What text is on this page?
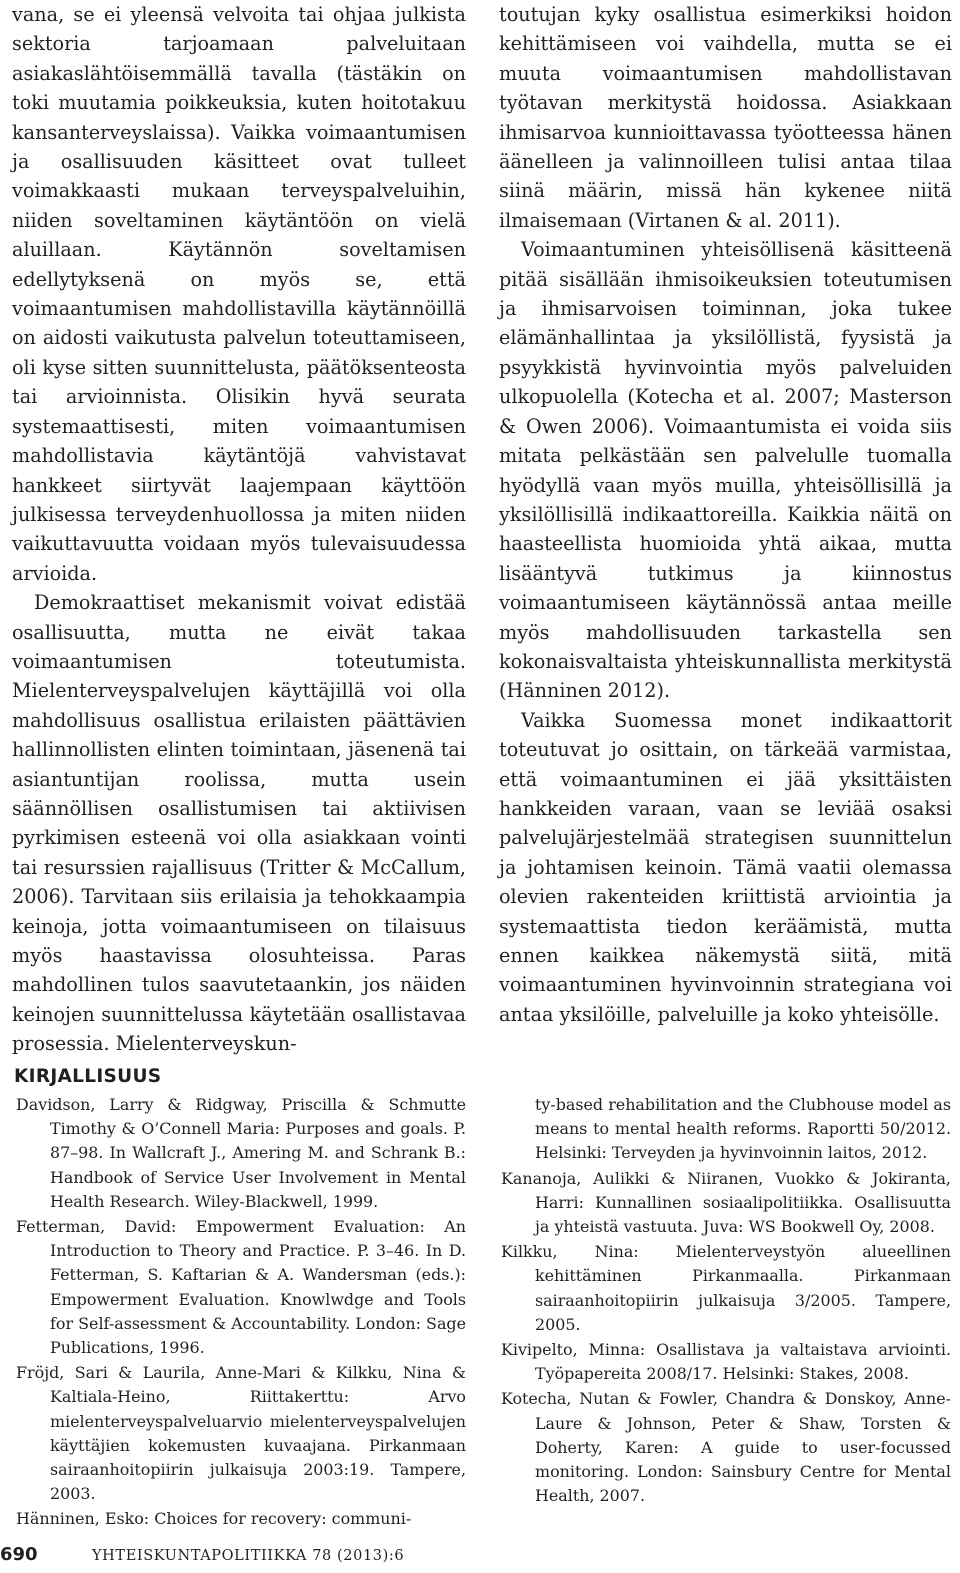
vana, se ei yleensä velvoita tai ohjaa julkista sektoria tarjoamaan palveluitaan asiakaslähtöisemmällä tavalla (tästäkin on toki muutamia poikkeuksia, kuten hoitotakuu kansanterveyslaissa). Vaikka voimaantumisen ja osallisuuden käsitteet ovat tulleet voimakkaasti mukaan terveyspalveluihin, niiden soveltaminen käytäntöön on vielä aluillaan. Käytännön soveltamisen edellytyksenä on myös se, että voimaantumisen mahdollistavilla käytännöillä on aidosti vaikutusta palvelun toteuttamiseen, oli kyse sitten suunnittelusta, päätöksenteosta tai arvioinnista. Olisikin hyvä seurata systemaattisesti, miten voimaantumisen mahdollistavia käytäntöjä vahvistavat hankkeet siirtyvät laajempaan käyttöön julkisessa terveydenhuollossa ja miten niiden vaikuttavuutta voidaan myös tulevaisuudessa arvioida.

Demokraattiset mekanismit voivat edistää osallisuutta, mutta ne eivät takaa voimaantumisen toteutumista. Mielenterveyspalvelujen käyttäjillä voi olla mahdollisuus osallistua erilaisten päättävien hallinnollisten elinten toimintaan, jäsenenä tai asiantuntijan roolissa, mutta usein säännöllisen osallistumisen tai aktiivisen pyrkimisen esteenä voi olla asiakkaan vointi tai resurssien rajallisuus (Tritter & McCallum, 2006). Tarvitaan siis erilaisia ja tehokkaampia keinoja, jotta voimaantumiseen on tilaisuus myös haastavissa olosuhteissa. Paras mahdollinen tulos saavutetaankin, jos näiden keinojen suunnittelussa käytetään osallistavaa prosessia. Mielenterveyskun-

toutujan kyky osallistua esimerkiksi hoidon kehittämiseen voi vaihdella, mutta se ei muuta voimaantumisen mahdollistavan työtavan merkitystä hoidossa. Asiakkaan ihmisarvoa kunnioittavassa työotteessa hänen äänelleen ja valinnoilleen tulisi antaa tilaa siinä määrin, missä hän kykenee niitä ilmaisemaan (Virtanen & al. 2011).

Voimaantuminen yhteisöllisenä käsitteenä pitää sisällään ihmisoikeuksien toteutumisen ja ihmisarvoisen toiminnan, joka tukee elämänhallintaa ja yksilöllistä, fyysistä ja psyykkistä hyvinvointia myös palveluiden ulkopuolella (Kotecha et al. 2007; Masterson & Owen 2006). Voimaantumista ei voida siis mitata pelkästään sen palvelulle tuomalla hyödyllä vaan myös muilla, yhteisöllisillä ja yksilöllisillä indikaattoreilla. Kaikkia näitä on haasteellista huomioida yhtä aikaa, mutta lisääntyvä tutkimus ja kiinnostus voimaantumiseen käytännössä antaa meille myös mahdollisuuden tarkastella sen kokonaisvaltaista yhteiskunnallista merkitystä (Hänninen 2012).

Vaikka Suomessa monet indikaattorit toteutuvat jo osittain, on tärkeää varmistaa, että voimaantuminen ei jää yksittäisten hankkeiden varaan, vaan se leviää osaksi palvelujärjestelmää strategisen suunnittelun ja johtamisen keinoin. Tämä vaatii olemassa olevien rakenteiden kriittistä arviointia ja systemaattista tiedon keräämistä, mutta ennen kaikkea näkemystä siitä, mitä voimaantuminen hyvinvoinnin strategiana voi antaa yksilöille, palveluille ja koko yhteisölle.

KIRJALLISUUS

Davidson, Larry & Ridgway, Priscilla & Schmutte Timothy & O’Connell Maria: Purposes and goals. P. 87–98. In Wallcraft J., Amering M. and Schrank B.: Handbook of Service User Involvement in Mental Health Research. Wiley-Blackwell, 1999.

Fetterman, David: Empowerment Evaluation: An Introduction to Theory and Practice. P. 3–46. In D. Fetterman, S. Kaftarian & A. Wandersman (eds.): Empowerment Evaluation. Knowlwdge and Tools for Self-assessment & Accountability. London: Sage Publications, 1996.

Fröjd, Sari & Laurila, Anne-Mari & Kilkku, Nina & Kaltiala-Heino, Riittakerttu: Arvo mielenterveyspalveluarvio mielenterveyspalvelujen käyttäjien kokemusten kuvaajana. Pirkanmaan sairaanhoitopiirin julkaisuja 2003:19. Tampere, 2003.

Hänninen, Esko: Choices for recovery: communi-

ty-based rehabilitation and the Clubhouse model as means to mental health reforms. Raportti 50/2012. Helsinki: Terveyden ja hyvinvoinnin laitos, 2012.

Kananoja, Aulikki & Niiranen, Vuokko & Jokiranta, Harri: Kunnallinen sosiaalipolitiikka. Osallisuutta ja yhteistä vastuuta. Juva: WS Bookwell Oy, 2008.

Kilkku, Nina: Mielenterveystyön alueellinen kehittäminen Pirkanmaalla. Pirkanmaan sairaanhoitopiirin julkaisuja 3/2005. Tampere, 2005.

Kivipelto, Minna: Osallistava ja valtaistava arviointi. Työpapereita 2008/17. Helsinki: Stakes, 2008.

Kotecha, Nutan & Fowler, Chandra & Donskoy, Anne-Laure & Johnson, Peter & Shaw, Torsten & Doherty, Karen: A guide to user-focussed monitoring. London: Sainsbury Centre for Mental Health, 2007.

690	YHTEISKUNTAPOLITIIKKA 78 (2013):6
